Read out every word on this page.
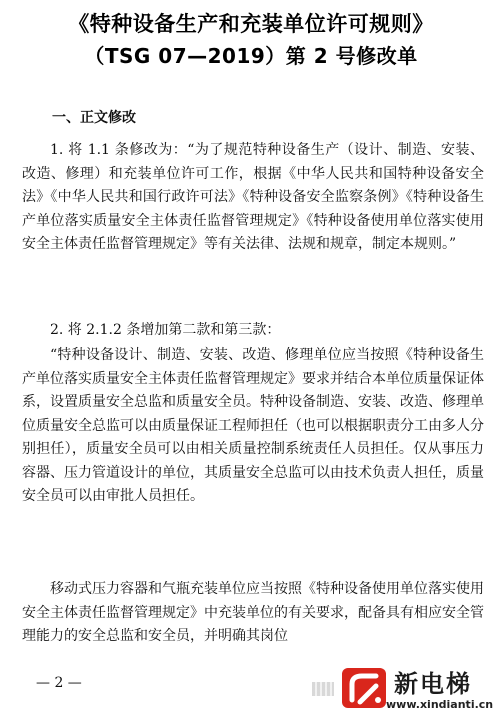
《特种设备生产和充装单位许可规则》
（TSG 07—2019）第 2 号修改单
一、正文修改
1. 将 1.1 条修改为：“为了规范特种设备生产（设计、制造、安装、改造、修理）和充装单位许可工作，根据《中华人民共和国特种设备安全法》《中华人民共和国行政许可法》《特种设备安全监察条例》《特种设备生产单位落实质量安全主体责任监督管理规定》《特种设备使用单位落实使用安全主体责任监督管理规定》等有关法律、法规和规章，制定本规则。”
2. 将 2.1.2 条增加第二款和第三款：
“特种设备设计、制造、安装、改造、修理单位应当按照《特种设备生产单位落实质量安全主体责任监督管理规定》要求并结合本单位质量保证体系，设置质量安全总监和质量安全员。特种设备制造、安装、改造、修理单位质量安全总监可以由质量保证工程师担任（也可以根据职责分工由多人分别担任），质量安全员可以由相关质量控制系统责任人员担任。仅从事压力容器、压力管道设计的单位，其质量安全总监可以由技术负责人担任，质量安全员可以由审批人员担任。
移动式压力容器和气瓶充装单位应当按照《特种设备使用单位落实使用安全主体责任监督管理规定》中充装单位的有关要求，配备具有相应安全管理能力的安全总监和安全员，并明确其岗位
— 2 —	新电梯
www.xindianti.cn
